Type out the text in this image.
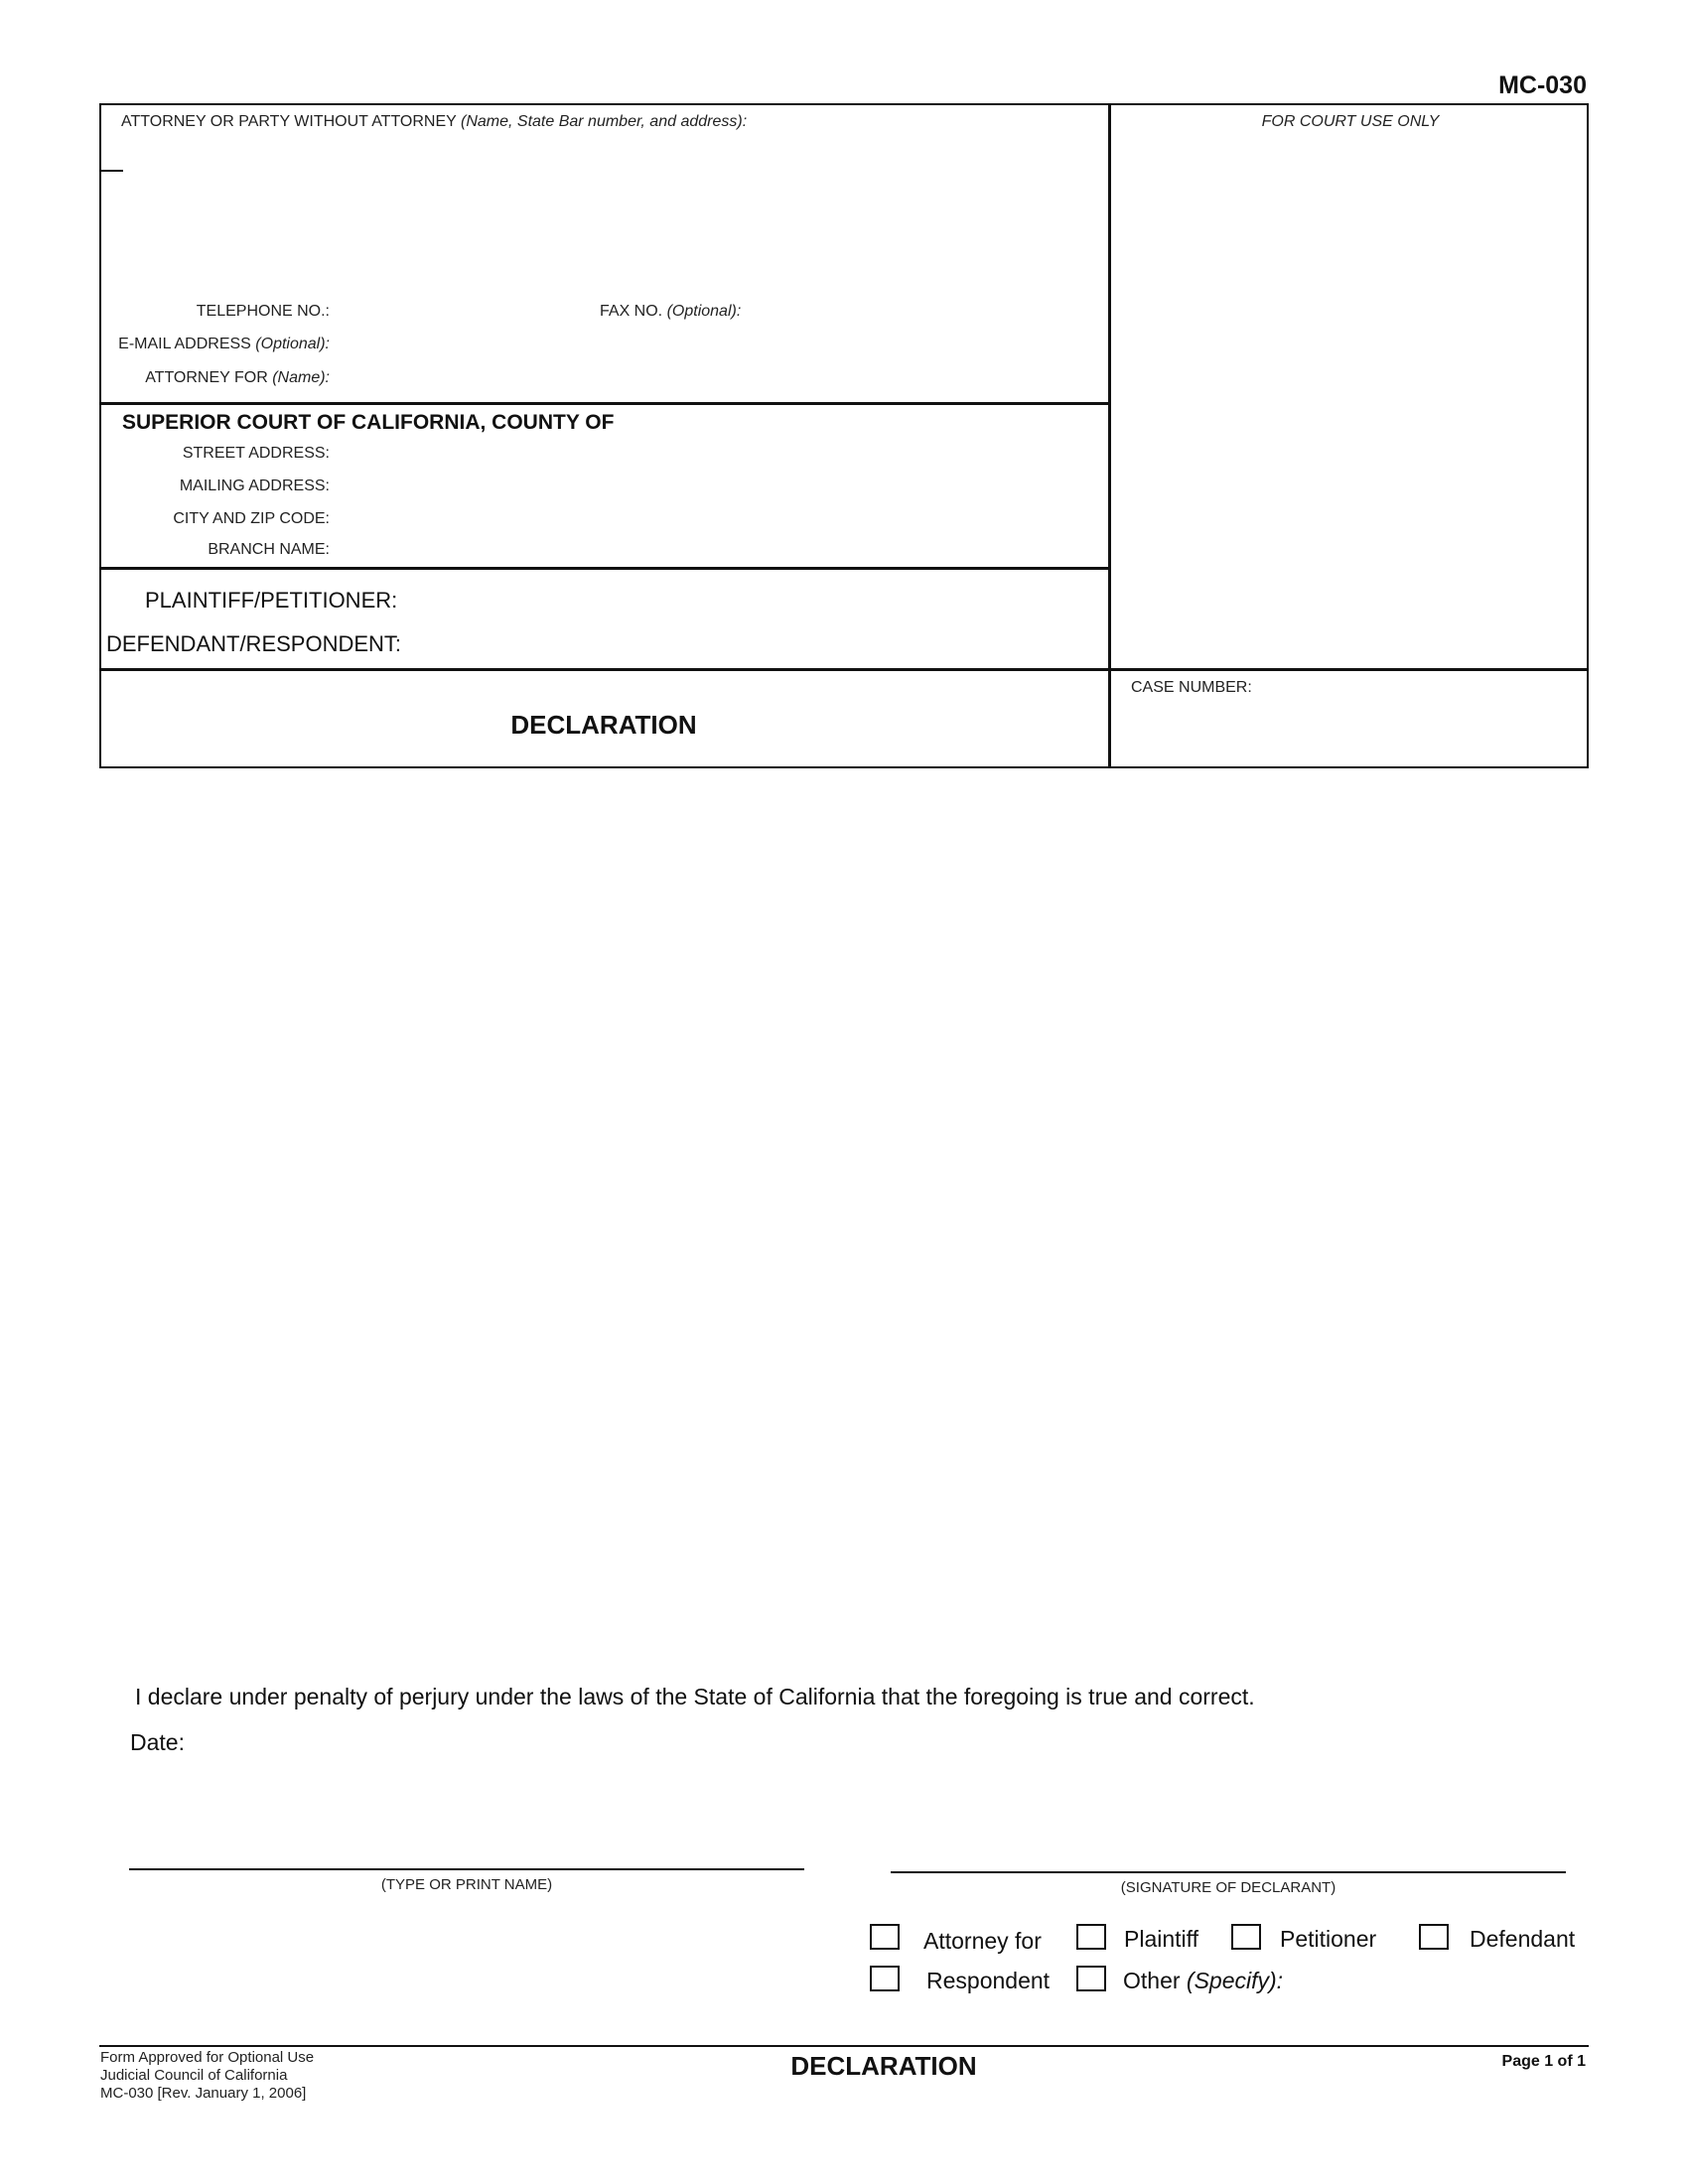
MC-030
ATTORNEY OR PARTY WITHOUT ATTORNEY (Name, State Bar number, and address):	FOR COURT USE ONLY
TELEPHONE NO.:	FAX NO. (Optional):
E-MAIL ADDRESS (Optional):
ATTORNEY FOR (Name):
SUPERIOR COURT OF CALIFORNIA, COUNTY OF
STREET ADDRESS:
MAILING ADDRESS:
CITY AND ZIP CODE:
BRANCH NAME:
PLAINTIFF/PETITIONER:
DEFENDANT/RESPONDENT:
DECLARATION
CASE NUMBER:
I declare under penalty of perjury under the laws of the State of California that the foregoing is true and correct.
Date:
(TYPE OR PRINT NAME)	(SIGNATURE OF DECLARANT)
Attorney for	Plaintiff	Petitioner	Defendant
Respondent	Other (Specify):
Form Approved for Optional Use
Judicial Council of California
MC-030 [Rev. January 1, 2006]
DECLARATION	Page 1 of 1
